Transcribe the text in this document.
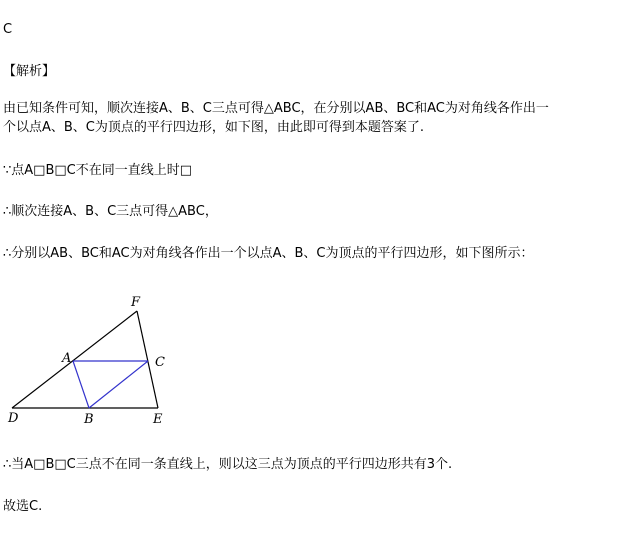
C
【解析】
由已知条件可知，顺次连接A、B、C三点可得△ABC，在分别以AB、BC和AC为对角线各作出一
个以点A、B、C为顶点的平行四边形，如下图，由此即可得到本题答案了.
∵点A□B□C不在同一直线上时□
∴顺次连接A、B、C三点可得△ABC，
∴分别以AB、BC和AC为对角线各作出一个以点A、B、C为顶点的平行四边形，如下图所示：
F
A	C
D	B	E
∴当A□B□C三点不在同一条直线上，则以这三点为顶点的平行四边形共有3个.
故选C.
